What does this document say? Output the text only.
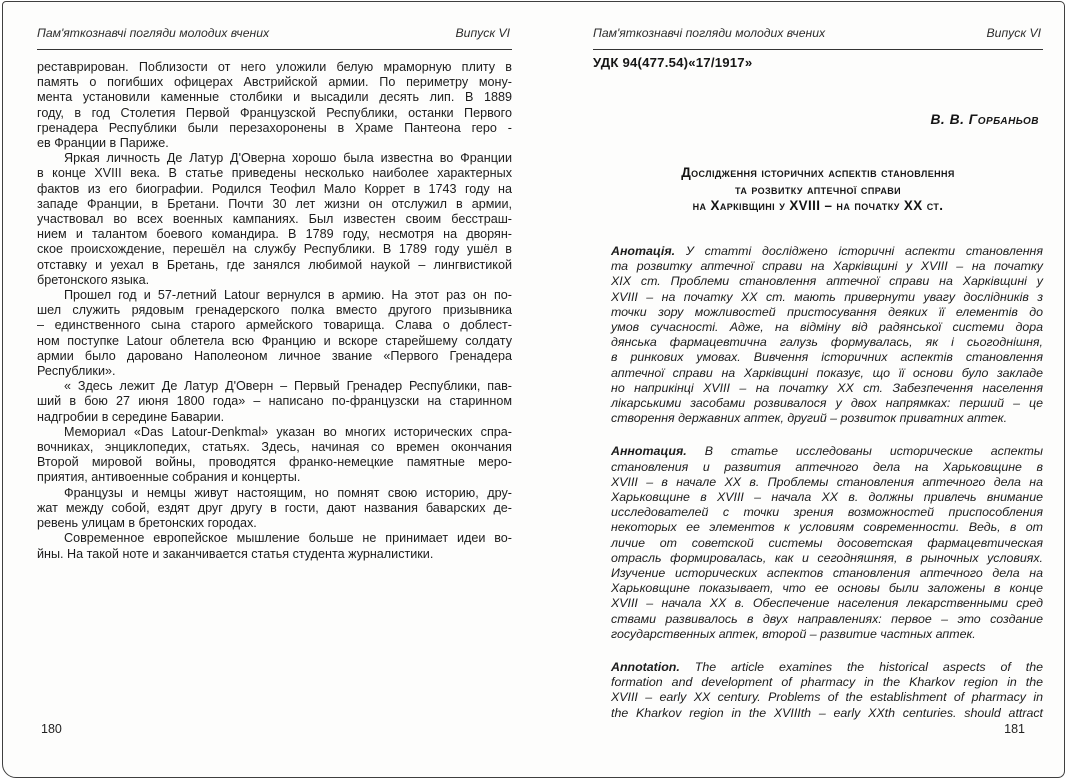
Пам'яткознавчі погляди молодих вчених	Випуск VI
реставрирован. Поблизости от него уложили белую мраморную плиту в
память о погибших офицерах Австрийской армии. По периметру мону-
мента установили каменные столбики и высадили десять лип. В 1889
году, в год Столетия Первой Французской Республики, останки Первого
гренадера Республики были перезахоронены в Храме Пантеона геро -
ев Франции в Париже.
Яркая личность Де Латур Д'Оверна хорошо была известна во Франции
в конце XVIII века. В статье приведены несколько наиболее характерных
фактов из его биографии. Родился Теофил Мало Коррет в 1743 году на
западе Франции, в Бретани. Почти 30 лет жизни он отслужил в армии,
участвовал во всех военных кампаниях. Был известен своим бесстраш-
нием и талантом боевого командира. В 1789 году, несмотря на дворян-
ское происхождение, перешёл на службу Республики. В 1789 году ушёл в
отставку и уехал в Бретань, где занялся любимой наукой – лингвистикой
бретонского языка.
Прошел год и 57-летний Latour вернулся в армию. На этот раз он по-
шел служить рядовым гренадерского полка вместо другого призывника
– единственного сына старого армейского товарища. Слава о доблест-
ном поступке Latour облетела всю Францию и вскоре старейшему солдату
армии было даровано Наполеоном личное звание «Первого Гренадера
Республики».
« Здесь лежит Де Латур Д'Оверн – Первый Гренадер Республики, пав-
ший в бою 27 июня 1800 года» – написано по-французски на старинном
надгробии в середине Баварии.
Мемориал «Das Latour-Denkmal» указан во многих исторических спра-
вочниках, энциклопедих, статьях. Здесь, начиная со времен окончания
Второй мировой войны, проводятся франко-немецкие памятные меро-
приятия, антивоенные собрания и концерты.
Французы и немцы живут настоящим, но помнят свою историю, дру-
жат между собой, ездят друг другу в гости, дают названия баварских де-
ревень улицам в бретонских городах.
Современное европейское мышление больше не принимает идеи во-
йны. На такой ноте и заканчивается статья студента журналистики.
180
Пам'яткознавчі погляди молодих вчених	Випуск VI
УДК 94(477.54)«17/1917»
В. В. Горбаньов
Дослідження історичних аспектів становлення
та розвитку аптечної справи
на Харківщині у XVIII – на початку ХХ ст.
Анотація. У статті досліджено історичні аспекти становлення
та розвитку аптечної справи на Харківщині у XVIII – на початку
XIX ст. Проблеми становлення аптечної справи на Харківщині у
XVIII – на початку XX ст. мають привернути увагу дослідників з
точки зору можливостей пристосування деяких її елементів до
умов сучасності. Адже, на відміну від радянської системи дора
дянська фармацевтична галузь формувалась, як і сьогоднішня,
в ринкових умовах. Вивчення історичних аспектів становлення
аптечної справи на Харківщині показує, що її основи було закладе
но наприкінці XVIII – на початку XX ст. Забезпечення населення
лікарськими засобами розвивалося у двох напрямках: перший – це
створення державних аптек, другий – розвиток приватних аптек.
Аннотация. В статье исследованы исторические аспекты
становления и развития аптечного дела на Харьковщине в
XVIII – в начале XX в. Проблемы становления аптечного дела на
Харьковщине в XVIII – начала XX в. должны привлечь внимание
исследователей с точки зрения возможностей приспособления
некоторых ее элементов к условиям современности. Ведь, в от
личие от советской системы досоветская фармацевтическая
отрасль формировалась, как и сегодняшняя, в рыночных условиях.
Изучение исторических аспектов становления аптечного дела на
Харьковщине показывает, что ее основы были заложены в конце
XVIII – начала XX в. Обеспечение населения лекарственными сред
ствами развивалось в двух направлениях: первое – это создание
государственных аптек, второй – развитие частных аптек.
Annotation. The article examines the historical aspects of the
formation and development of pharmacy in the Kharkov region in the
XVIII – early XX century. Problems of the establishment of pharmacy in
the Kharkov region in the XVIIIth – early XXth centuries. should attract
181
